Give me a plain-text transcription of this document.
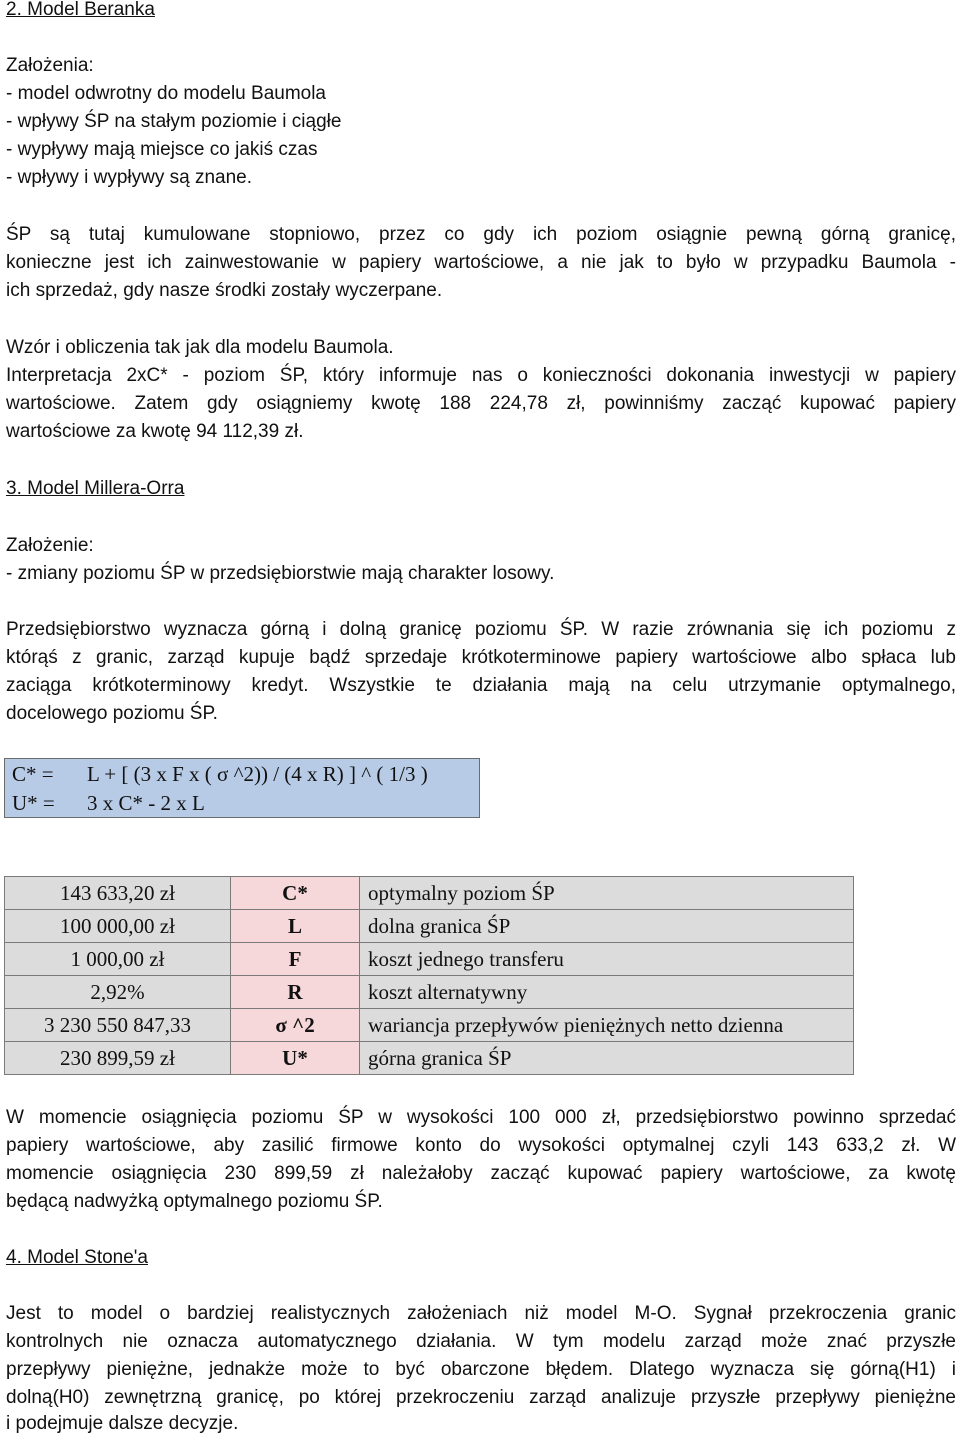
2. Model Beranka
Założenia:
- model odwrotny do modelu Baumola
- wpływy ŚP na stałym poziomie i ciągłe
- wypływy mają miejsce co jakiś czas
- wpływy i wypływy są znane.
ŚP są tutaj kumulowane stopniowo, przez co gdy ich poziom osiągnie pewną górną granicę,
konieczne jest ich zainwestowanie w papiery wartościowe, a nie jak to było w przypadku Baumola -
ich sprzedaż, gdy nasze środki zostały wyczerpane.
Wzór i obliczenia tak jak dla modelu Baumola.
Interpretacja 2xC* - poziom ŚP, który informuje nas o konieczności dokonania inwestycji w papiery
wartościowe. Zatem gdy osiągniemy kwotę 188 224,78 zł, powinniśmy zacząć kupować papiery
wartościowe za kwotę 94 112,39 zł.
3. Model Millera-Orra
Założenie:
- zmiany poziomu ŚP w przedsiębiorstwie mają charakter losowy.
Przedsiębiorstwo wyznacza górną i dolną granicę poziomu ŚP. W razie zrównania się ich poziomu z
którąś z granic, zarząd kupuje bądź sprzedaje krótkoterminowe papiery wartościowe albo spłaca lub
zaciąga krótkoterminowy kredyt. Wszystkie te działania mają na celu utrzymanie optymalnego,
docelowego poziomu ŚP.
C* = L + [ (3 x F x ( σ ^2)) / (4 x R) ] ^ ( 1/3 )
U* = 3 x C* - 2 x L
143 633,20 zł	C*	optymalny poziom ŚP
100 000,00 zł	L	dolna granica ŚP
1 000,00 zł	F	koszt jednego transferu
2,92%	R	koszt alternatywny
3 230 550 847,33	σ ^2	wariancja przepływów pieniężnych netto dzienna
230 899,59 zł	U*	górna granica ŚP
W momencie osiągnięcia poziomu ŚP w wysokości 100 000 zł, przedsiębiorstwo powinno sprzedać
papiery wartościowe, aby zasilić firmowe konto do wysokości optymalnej czyli 143 633,2 zł. W
momencie osiągnięcia 230 899,59 zł należałoby zacząć kupować papiery wartościowe, za kwotę
będącą nadwyżką optymalnego poziomu ŚP.
4. Model Stone'a
Jest to model o bardziej realistycznych założeniach niż model M-O. Sygnał przekroczenia granic
kontrolnych nie oznacza automatycznego działania. W tym modelu zarząd może znać przyszłe
przepływy pieniężne, jednakże może to być obarczone błędem. Dlatego wyznacza się górną(H1) i
dolną(H0) zewnętrzną granicę, po której przekroczeniu zarząd analizuje przyszłe przepływy pieniężne
i podejmuje dalsze decyzje.
